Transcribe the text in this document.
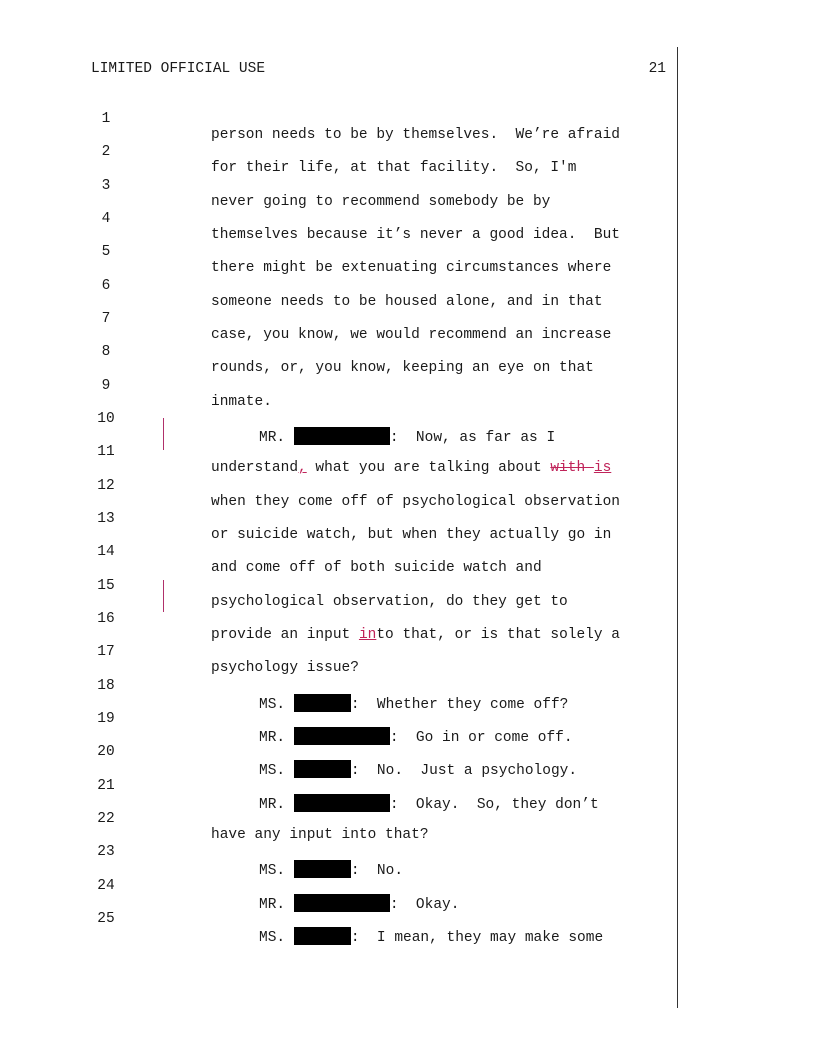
LIMITED OFFICIAL USE	21

1

person needs to be by themselves.  We’re afraid

2

for their life, at that facility.  So, I'm

3

never going to recommend somebody be by

4

themselves because it’s never a good idea.  But

5

there might be extenuating circumstances where

6

someone needs to be housed alone, and in that

7

case, you know, we would recommend an increase

8

rounds, or, you know, keeping an eye on that

9

inmate.

10

MR.	:  Now, as far as I

11

understand, what you are talking about with is

12

when they come off of psychological observation

13

or suicide watch, but when they actually go in

14

and come off of both suicide watch and

15

psychological observation, do they get to

16

provide an input into that, or is that solely a

17

psychology issue?

18

MS.	:  Whether they come off?

19

MR.	:  Go in or come off.

20

MS.	:  No.  Just a psychology.

21

MR.	:  Okay.  So, they don’t

22

have any input into that?

23

MS.	:  No.

24

MR.	:  Okay.

25

MS.	:  I mean, they may make some
